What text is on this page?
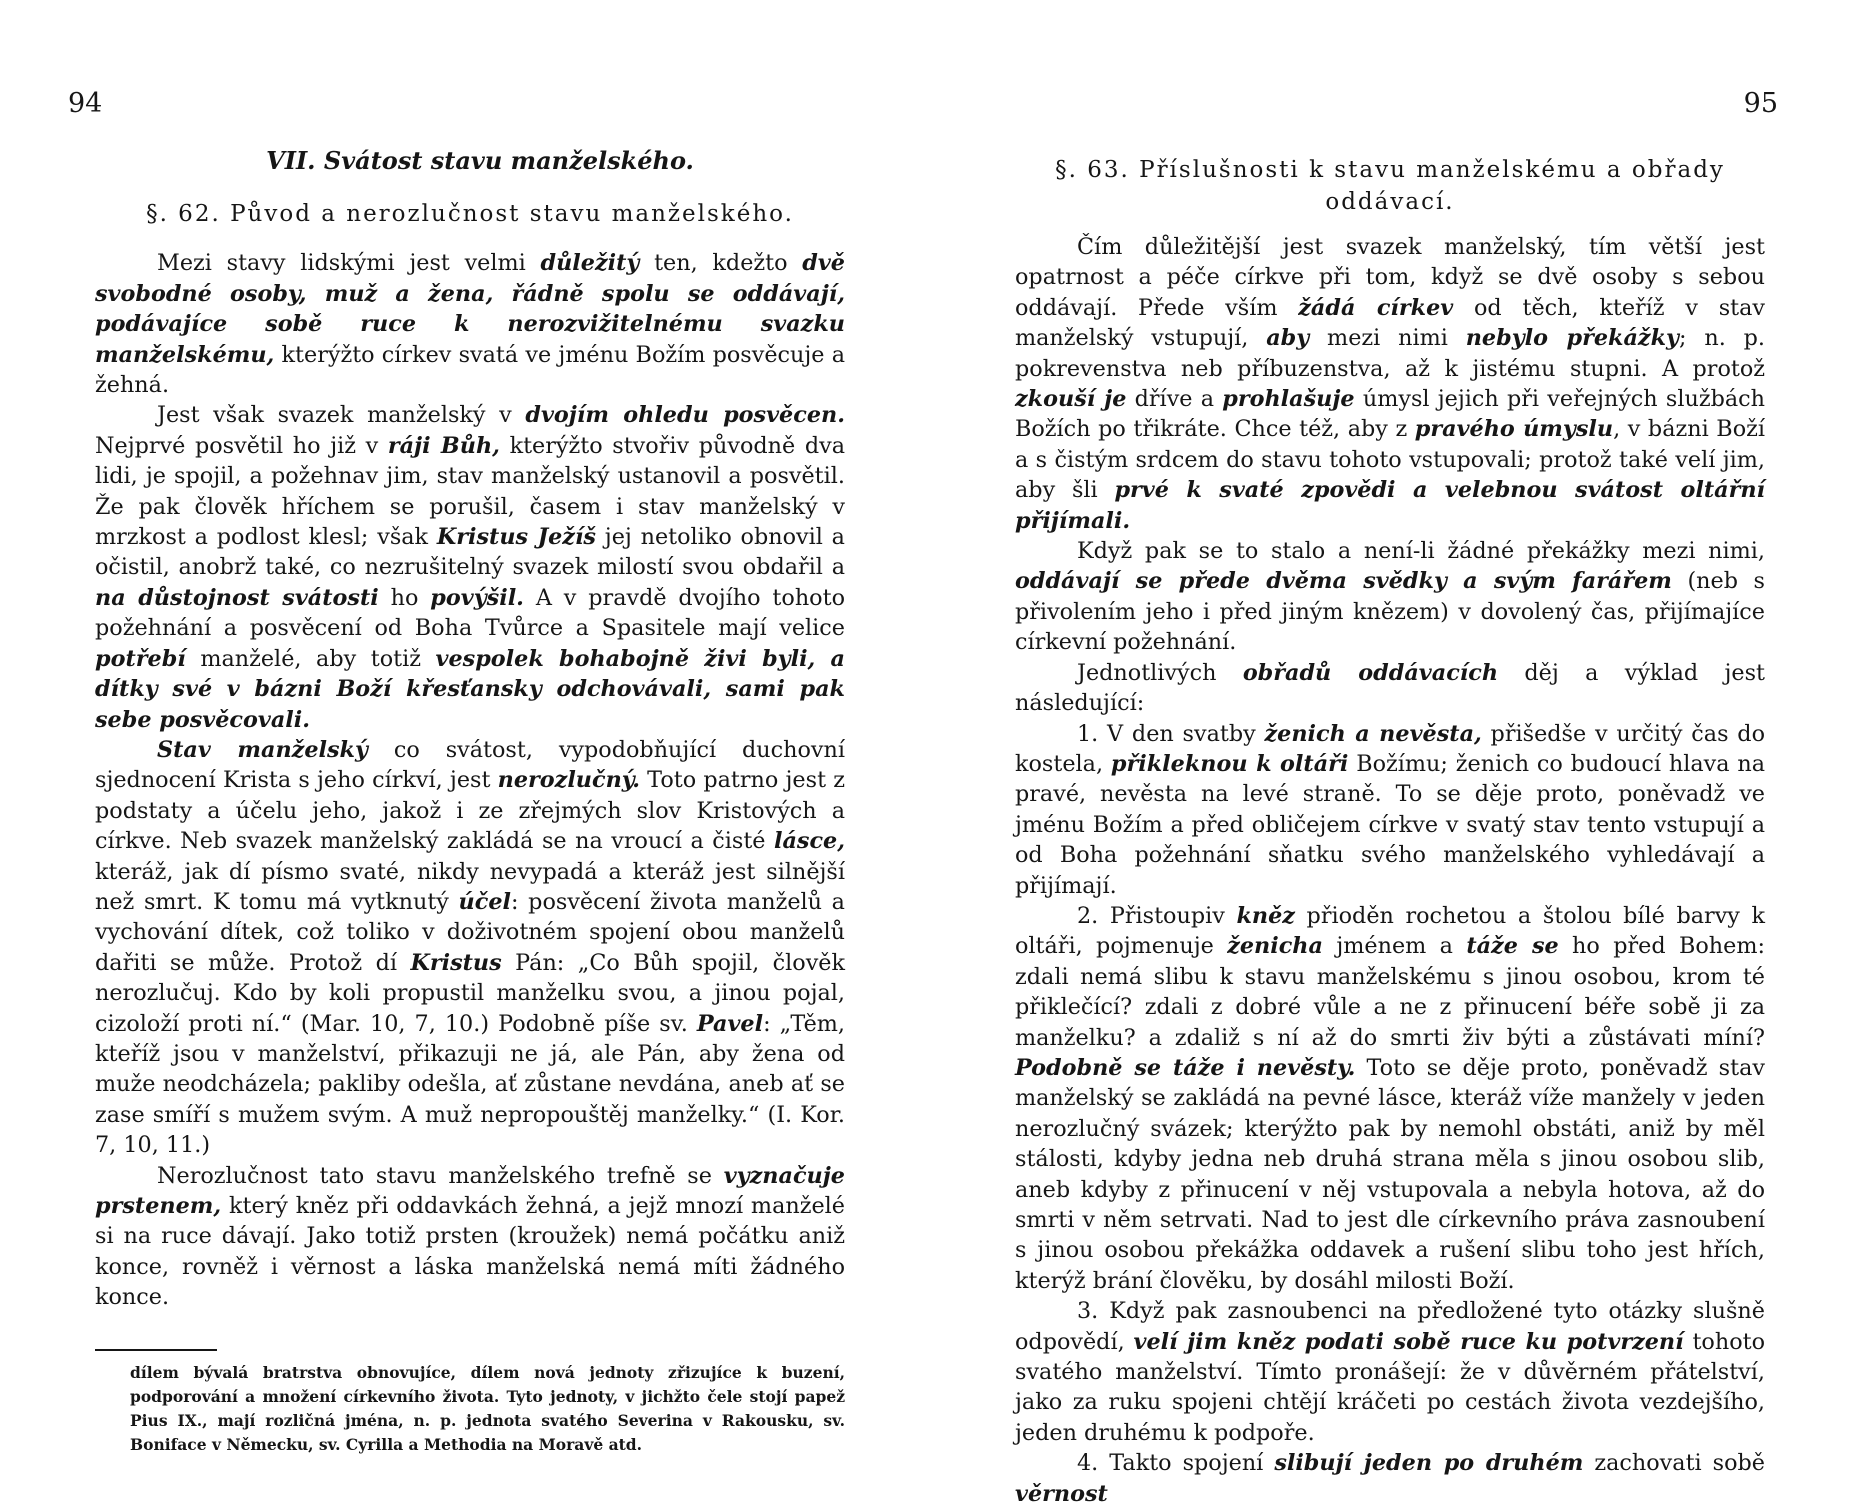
94
VII. Svátost stavu manželského.
§. 62. Původ a nerozlučnost stavu manželského.

Mezi stavy lidskými jest velmi důležitý ten, kdežto dvě svobodné osoby, muž a žena, řádně spolu se oddávají, podávajíce sobě ruce k nerozvižitelnému svazku manželskému, kterýžto církev svatá ve jménu Božím posvěcuje a žehná.

Jest však svazek manželský v dvojím ohledu posvěcen. Nejprvé posvětil ho již v ráji Bůh, kterýžto stvořiv původně dva lidi, je spojil, a požehnav jim, stav manželský ustanovil a posvětil. Že pak člověk hříchem se porušil, časem i stav manželský v mrzkost a podlost klesl; však Kristus Ježíš jej netoliko obnovil a očistil, anobrž také, co nezrušitelný svazek milostí svou obdařil a na důstojnost svátosti ho povýšil. A v pravdě dvojího tohoto požehnání a posvěcení od Boha Tvůrce a Spasitele mají velice potřebí manželé, aby totiž vespolek bohabojně živi byli, a dítky své v bázni Boží křesťansky odchovávali, sami pak sebe posvěcovali.

Stav manželský co svátost, vypodobňující duchovní sjednocení Krista s jeho církví, jest nerozlučný. Toto patrno jest z podstaty a účelu jeho, jakož i ze zřejmých slov Kristových a církve. Neb svazek manželský zakládá se na vroucí a čisté lásce, kteráž, jak dí písmo svaté, nikdy nevypadá a kteráž jest silnější než smrt. K tomu má vytknutý účel: posvěcení života manželů a vychování dítek, což toliko v doživotném spojení obou manželů dařiti se může. Protož dí Kristus Pán: „Co Bůh spojil, člověk nerozlučuj. Kdo by koli propustil manželku svou, a jinou pojal, cizoloží proti ní.“ (Mar. 10, 7, 10.) Podobně píše sv. Pavel: „Těm, kteříž jsou v manželství, přikazuji ne já, ale Pán, aby žena od muže neodcházela; pakliby odešla, ať zůstane nevdána, aneb ať se zase smíří s mužem svým. A muž nepropouštěj manželky.“ (I. Kor. 7, 10, 11.)

Nerozlučnost tato stavu manželského trefně se vyznačuje prstenem, který kněz při oddavkách žehná, a jejž mnozí manželé si na ruce dávají. Jako totiž prsten (kroužek) nemá počátku aniž konce, rovněž i věrnost a láska manželská nemá míti žádného konce.

dílem bývalá bratrstva obnovujíce, dílem nová jednoty zřizujíce k buzení, podporování a množení církevního života. Tyto jednoty, v jichžto čele stojí papež Pius IX., mají rozličná jména, n. p. jednota svatého Severina v Rakousku, sv. Boniface v Německu, sv. Cyrilla a Methodia na Moravě atd.

95
§. 63. Příslušnosti k stavu manželskému a obřady oddávací.

Čím důležitější jest svazek manželský, tím větší jest opatrnost a péče církve při tom, když se dvě osoby s sebou oddávají. Přede vším žádá církev od těch, kteříž v stav manželský vstupují, aby mezi nimi nebylo překážky; n. p. pokrevenstva neb příbuzenstva, až k jistému stupni. A protož zkouší je dříve a prohlašuje úmysl jejich při veřejných službách Božích po třikráte. Chce též, aby z pravého úmyslu, v bázni Boží a s čistým srdcem do stavu tohoto vstupovali; protož také velí jim, aby šli prvé k svaté zpovědi a velebnou svátost oltářní přijímali.

Když pak se to stalo a není-li žádné překážky mezi nimi, oddávají se přede dvěma svědky a svým farářem (neb s přivolením jeho i před jiným knězem) v dovolený čas, přijímajíce církevní požehnání.

Jednotlivých obřadů oddávacích děj a výklad jest následující:

1. V den svatby ženich a nevěsta, přišedše v určitý čas do kostela, přikleknou k oltáři Božímu; ženich co budoucí hlava na pravé, nevěsta na levé straně. To se děje proto, poněvadž ve jménu Božím a před obličejem církve v svatý stav tento vstupují a od Boha požehnání sňatku svého manželského vyhledávají a přijímají.

2. Přistoupiv kněz přioděn rochetou a štolou bílé barvy k oltáři, pojmenuje ženicha jménem a táže se ho před Bohem: zdali nemá slibu k stavu manželskému s jinou osobou, krom té přiklečící? zdali z dobré vůle a ne z přinucení béře sobě ji za manželku? a zdaliž s ní až do smrti živ býti a zůstávati míní? Podobně se táže i nevěsty. Toto se děje proto, poněvadž stav manželský se zakládá na pevné lásce, kteráž víže manžely v jeden nerozlučný svázek; kterýžto pak by nemohl obstáti, aniž by měl stálosti, kdyby jedna neb druhá strana měla s jinou osobou slib, aneb kdyby z přinucení v něj vstupovala a nebyla hotova, až do smrti v něm setrvati. Nad to jest dle církevního práva zasnoubení s jinou osobou překážka oddavek a rušení slibu toho jest hřích, kterýž brání člověku, by dosáhl milosti Boží.

3. Když pak zasnoubenci na předložené tyto otázky slušně odpovědí, velí jim kněz podati sobě ruce ku potvrzení tohoto svatého manželství. Tímto pronášejí: že v důvěrném přátelství, jako za ruku spojeni chtějí kráčeti po cestách života vezdejšího, jeden druhému k podpoře.

4. Takto spojení slibují jeden po druhém zachovati sobě věrnost
